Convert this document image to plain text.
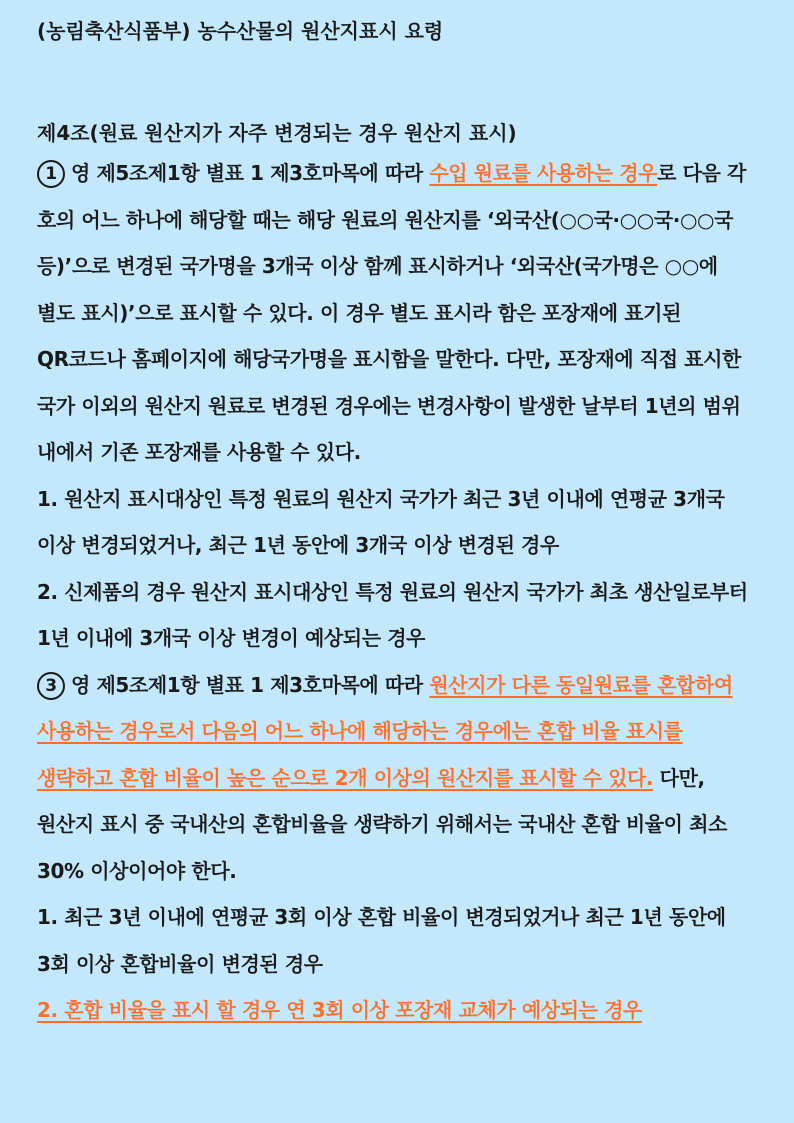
(농림축산식품부) 농수산물의 원산지표시 요령

제4조(원료 원산지가 자주 변경되는 경우 원산지 표시)

1 영 제5조제1항 별표 1 제3호마목에 따라 수입 원료를 사용하는 경우로 다음 각 호의 어느 하나에 해당할 때는 해당 원료의 원산지를 ‘외국산(○○국·○○국·○○국 등)’으로 변경된 국가명을 3개국 이상 함께 표시하거나 ‘외국산(국가명은 ○○에 별도 표시)’으로 표시할 수 있다. 이 경우 별도 표시라 함은 포장재에 표기된 QR코드나 홈페이지에 해당국가명을 표시함을 말한다. 다만, 포장재에 직접 표시한 국가 이외의 원산지 원료로 변경된 경우에는 변경사항이 발생한 날부터 1년의 범위 내에서 기존 포장재를 사용할 수 있다.

1. 원산지 표시대상인 특정 원료의 원산지 국가가 최근 3년 이내에 연평균 3개국 이상 변경되었거나, 최근 1년 동안에 3개국 이상 변경된 경우

2. 신제품의 경우 원산지 표시대상인 특정 원료의 원산지 국가가 최초 생산일로부터 1년 이내에 3개국 이상 변경이 예상되는 경우

3 영 제5조제1항 별표 1 제3호마목에 따라 원산지가 다른 동일원료를 혼합하여 사용하는 경우로서 다음의 어느 하나에 해당하는 경우에는 혼합 비율 표시를 생략하고 혼합 비율이 높은 순으로 2개 이상의 원산지를 표시할 수 있다. 다만, 원산지 표시 중 국내산의 혼합비율을 생략하기 위해서는 국내산 혼합 비율이 최소 30% 이상이어야 한다.

1. 최근 3년 이내에 연평균 3회 이상 혼합 비율이 변경되었거나 최근 1년 동안에 3회 이상 혼합비율이 변경된 경우

2. 혼합 비율을 표시 할 경우 연 3회 이상 포장재 교체가 예상되는 경우
